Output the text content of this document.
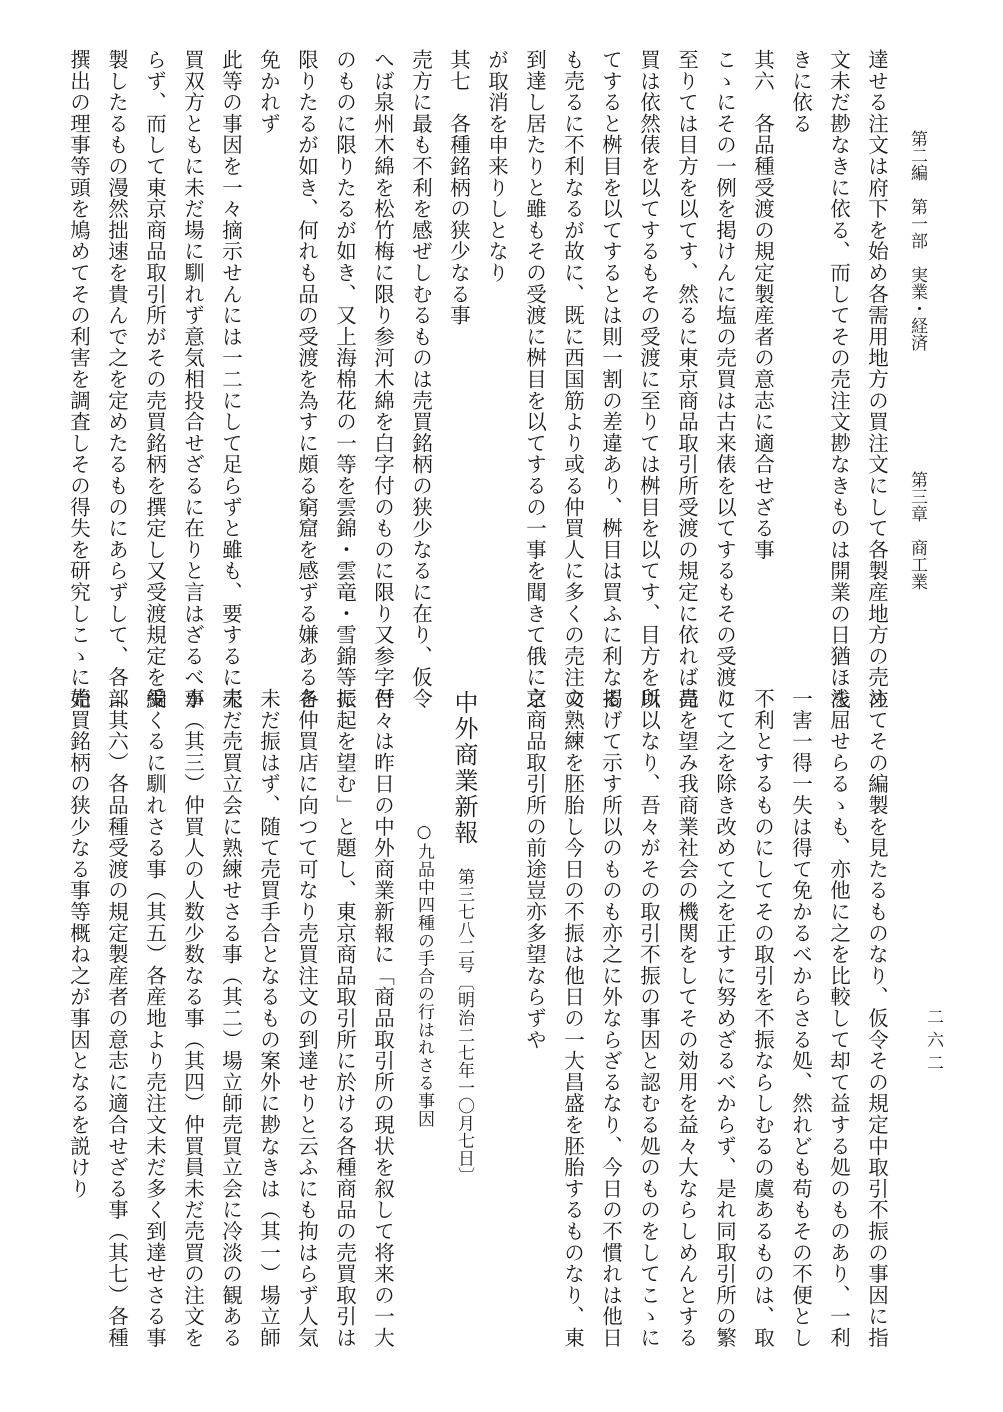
第二編　第一部　実業・経済
第三章　商工業
二六二
達せる注文は府下を始め各需用地方の買注文にして各製産地方の売注
文未だ尠なきに依る、而してその売注文尠なきものは開業の日猶ほ浅
きに依る
其六　各品種受渡の規定製産者の意志に適合せざる事
こゝにその一例を掲けんに塩の売買は古来俵を以てするもその受渡に
至りては目方を以てす、然るに東京商品取引所受渡の規定に依れば売
買は依然俵を以てするもその受渡に至りては桝目を以てす、目方を以
てすると桝目を以てするとは則一割の差違あり、桝目は買ふに利なる
も売るに不利なるが故に、既に西国筋より或る仲買人に多くの売注文
到達し居たりと雖もその受渡に桝目を以てするの一事を聞きて俄に之
が取消を申来りしとなり
其七　各種銘柄の狭少なる事
売方に最も不利を感ぜしむるものは売買銘柄の狭少なるに在り、仮令
へば泉州木綿を松竹梅に限り参河木綿を白字付のものに限り又参字付
のものに限りたるが如き、又上海棉花の一等を雲錦・雲竜・雪錦等に
限りたるが如き、何れも品の受渡を為すに頗る窮窟を感ずる嫌あるを
免かれず
此等の事因を一々摘示せんには一二にして足らずと雖も、要するに売
買双方ともに未だ場に馴れず意気相投合せざるに在りと言はざるべか
らず、而して東京商品取引所がその売買銘柄を撰定し又受渡規定を編
製したるもの漫然拙速を貴んで之を定めたるものにあらずして、各部
撰出の理事等頭を鳩めてその利害を調査しその得失を研究しこゝに始
めてその編製を見たるものなり、仮令その規定中取引不振の事因に指
を屈せらるゝも、亦他に之を比較して却て益する処のものあり、一利
一害一得一失は得て免かるべからさる処、然れども苟もその不便とし
不利とするものにしてその取引を不振ならしむるの虞あるものは、取
りて之を除き改めて之を正すに努めざるべからず、是れ同取引所の繁
昌を望み我商業社会の機関をしてその効用を益々大ならしめんとする
所以なり、吾々がその取引不振の事因と認むる処のものをしてこゝに
掲げて示す所以のものも亦之に外ならざるなり、今日の不慣れは他日
の熟練を胚胎し今日の不振は他日の一大昌盛を胚胎するものなり、東
京商品取引所の前途豈亦多望ならずや
中外商業新報
第三七八二号〔明治二七年一〇月七日〕
○九品中四種の手合の行はれさる事因
吾々は昨日の中外商業新報に「商品取引所の現状を叙して将来の一大
振起を望む」と題し、東京商品取引所に於ける各種商品の売買取引は
各仲買店に向つて可なり売買注文の到達せりと云ふにも拘はらず人気
未だ振はず、随て売買手合となるもの案外に尠なきは（其一）場立師
未だ売買立会に熟練せさる事（其二）場立師売買立会に冷淡の観ある
事（其三）仲買人の人数少数なる事（其四）仲買員未だ売買の注文を
受くるに馴れさる事（其五）各産地より売注文未だ多く到達せさる事
（其六）各品種受渡の規定製産者の意志に適合せざる事（其七）各種
売買銘柄の狭少なる事等概ね之が事因となるを説けり
